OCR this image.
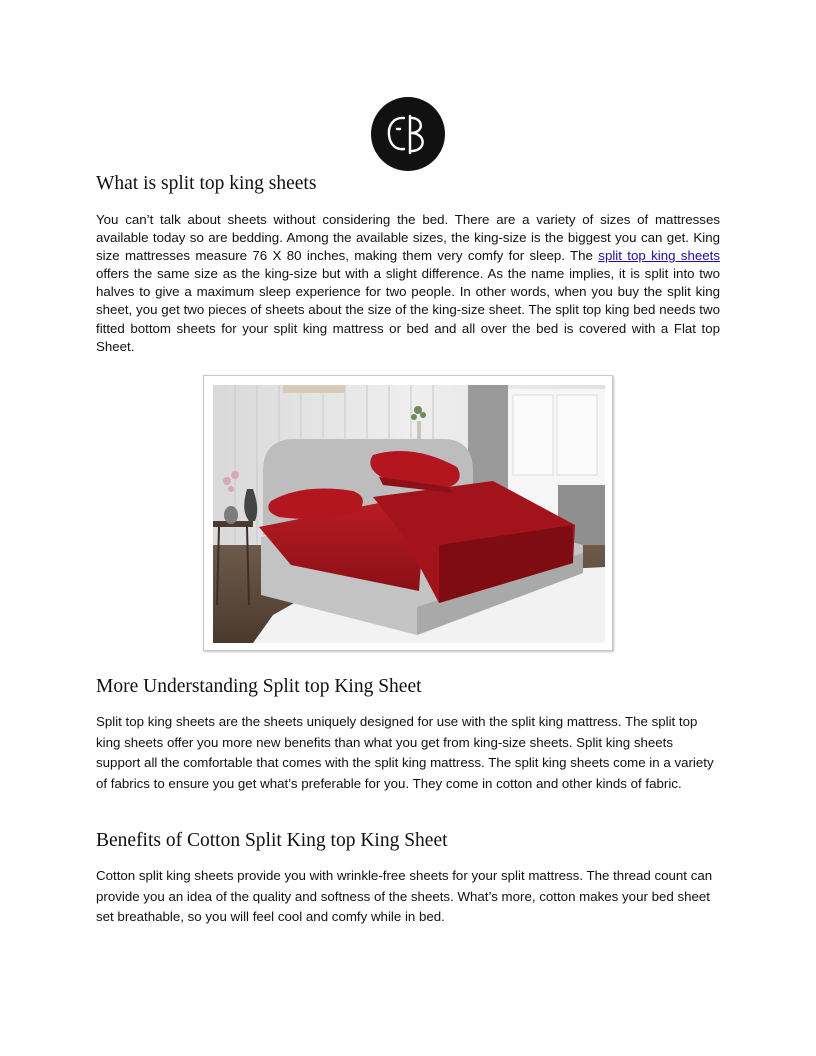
What is split top king sheets

You can’t talk about sheets without considering the bed. There are a variety of sizes of mattresses available today so are bedding. Among the available sizes, the king-size is the biggest you can get. King size mattresses measure 76 X 80 inches, making them very comfy for sleep. The split top king sheets offers the same size as the king-size but with a slight difference. As the name implies, it is split into two halves to give a maximum sleep experience for two people. In other words, when you buy the split king sheet, you get two pieces of sheets about the size of the king-size sheet. The split top king bed needs two fitted bottom sheets for your split king mattress or bed and all over the bed is covered with a Flat top Sheet.

More Understanding Split top King Sheet

Split top king sheets are the sheets uniquely designed for use with the split king mattress. The split top king sheets offer you more new benefits than what you get from king-size sheets. Split king sheets support all the comfortable that comes with the split king mattress. The split king sheets come in a variety of fabrics to ensure you get what’s preferable for you. They come in cotton and other kinds of fabric.

Benefits of Cotton Split King top King Sheet

Cotton split king sheets provide you with wrinkle-free sheets for your split mattress. The thread count can provide you an idea of the quality and softness of the sheets. What’s more, cotton makes your bed sheet set breathable, so you will feel cool and comfy while in bed.
